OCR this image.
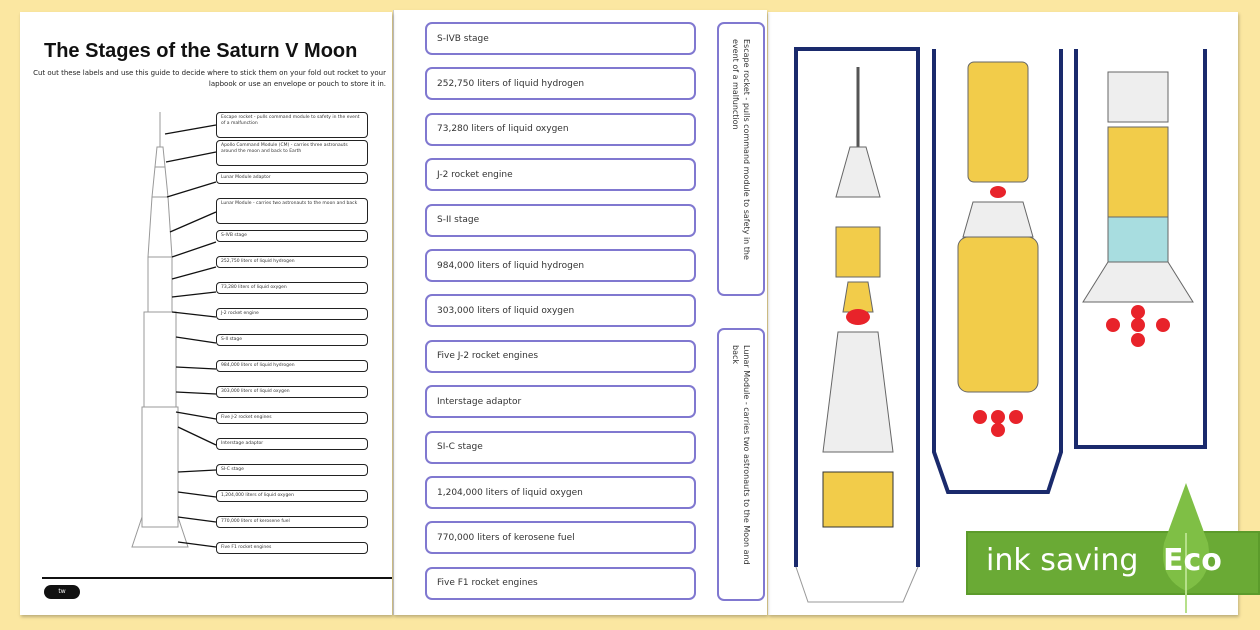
The Stages of the Saturn V Moon
Cut out these labels and use this guide to decide where to stick them on your fold out rocket to your lapbook or use an envelope or pouch to store it in.
Escape rocket - pulls command module to safety in the event of a malfunction
Apollo Command Module (CM) - carries three astronauts around the moon and back to Earth
Lunar Module adaptor
Lunar Module - carries two astronauts to the moon and back
S-IVB stage
252,750 liters of liquid hydrogen
73,280 liters of liquid oxygen
J-2 rocket engine
S-II stage
984,000 liters of liquid hydrogen
303,000 liters of liquid oxygen
Five J-2 rocket engines
Interstage adaptor
SI-C stage
1,204,000 liters of liquid oxygen
770,000 liters of kerosene fuel
Five F1 rocket engines
tw
S-IVB stage
252,750 liters of liquid hydrogen
73,280 liters of liquid oxygen
J-2 rocket engine
S-II stage
984,000 liters of liquid hydrogen
303,000 liters of liquid oxygen
Five J-2 rocket engines
Interstage adaptor
SI-C stage
1,204,000 liters of liquid oxygen
770,000 liters of kerosene fuel
Five F1 rocket engines
Escape rocket - pulls command module to safety in the event of a malfunction
Lunar Module - carries two astronauts to the Moon and back
ink saving Eco
